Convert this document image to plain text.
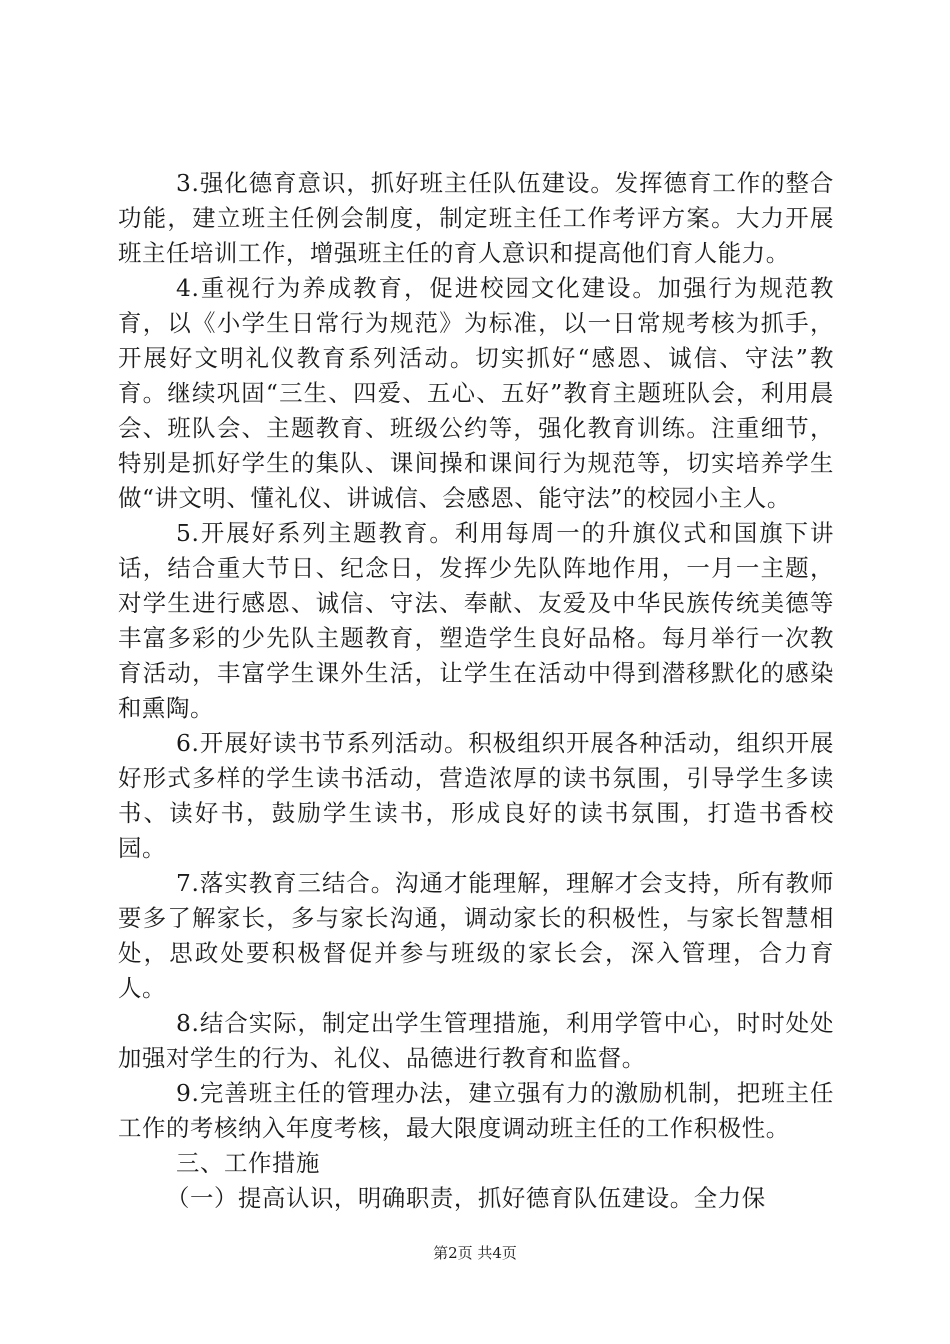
3.强化德育意识，抓好班主任队伍建设。发挥德育工作的整合功能，建立班主任例会制度，制定班主任工作考评方案。大力开展班主任培训工作，增强班主任的育人意识和提高他们育人能力。

4.重视行为养成教育，促进校园文化建设。加强行为规范教育，以《小学生日常行为规范》为标准，以一日常规考核为抓手，开展好文明礼仪教育系列活动。切实抓好“感恩、诚信、守法”教育。继续巩固“三生、四爱、五心、五好”教育主题班队会，利用晨会、班队会、主题教育、班级公约等，强化教育训练。注重细节，特别是抓好学生的集队、课间操和课间行为规范等，切实培养学生做“讲文明、懂礼仪、讲诚信、会感恩、能守法”的校园小主人。

5.开展好系列主题教育。利用每周一的升旗仪式和国旗下讲话，结合重大节日、纪念日，发挥少先队阵地作用，一月一主题，对学生进行感恩、诚信、守法、奉献、友爱及中华民族传统美德等丰富多彩的少先队主题教育，塑造学生良好品格。每月举行一次教育活动，丰富学生课外生活，让学生在活动中得到潜移默化的感染和熏陶。

6.开展好读书节系列活动。积极组织开展各种活动，组织开展好形式多样的学生读书活动，营造浓厚的读书氛围，引导学生多读书、读好书，鼓励学生读书，形成良好的读书氛围，打造书香校园。

7.落实教育三结合。沟通才能理解，理解才会支持，所有教师要多了解家长，多与家长沟通，调动家长的积极性，与家长智慧相处，思政处要积极督促并参与班级的家长会，深入管理，合力育人。

8.结合实际，制定出学生管理措施，利用学管中心，时时处处加强对学生的行为、礼仪、品德进行教育和监督。

9.完善班主任的管理办法，建立强有力的激励机制，把班主任工作的考核纳入年度考核，最大限度调动班主任的工作积极性。

三、工作措施

（一）提高认识，明确职责，抓好德育队伍建设。全力保

第2页 共4页
